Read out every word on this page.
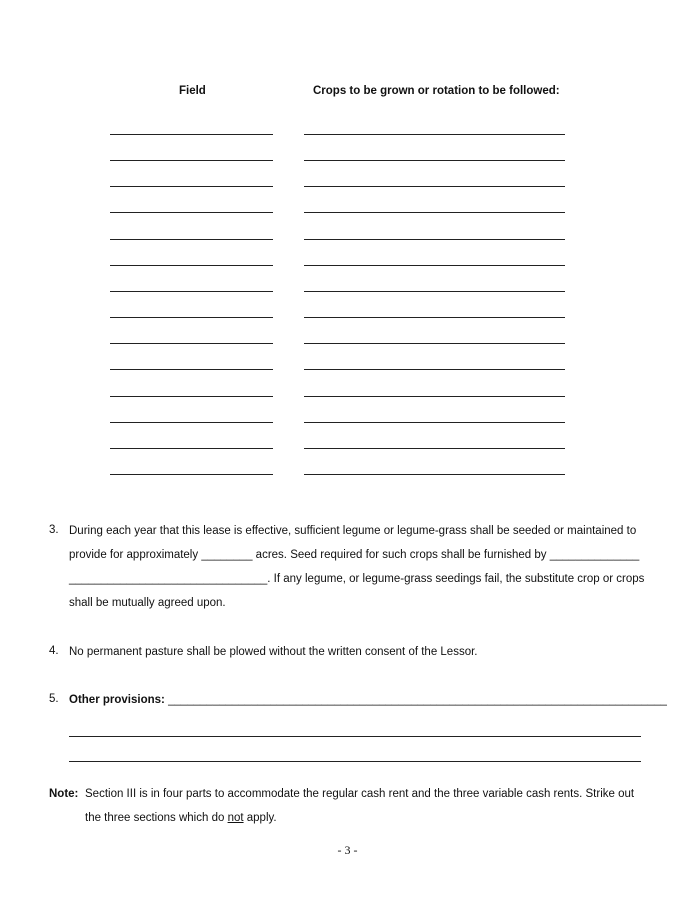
Field	Crops to be grown or rotation to be followed:
3. During each year that this lease is effective, sufficient legume or legume-grass shall be seeded or maintained to
provide for approximately ________ acres. Seed required for such crops shall be furnished by ______________
_______________________________. If any legume, or legume-grass seedings fail, the substitute crop or crops
shall be mutually agreed upon.
4. No permanent pasture shall be plowed without the written consent of the Lessor.
5. Other provisions: ______________________________________________________________________________
Note: Section III is in four parts to accommodate the regular cash rent and the three variable cash rents. Strike out
the three sections which do not apply.
- 3 -
